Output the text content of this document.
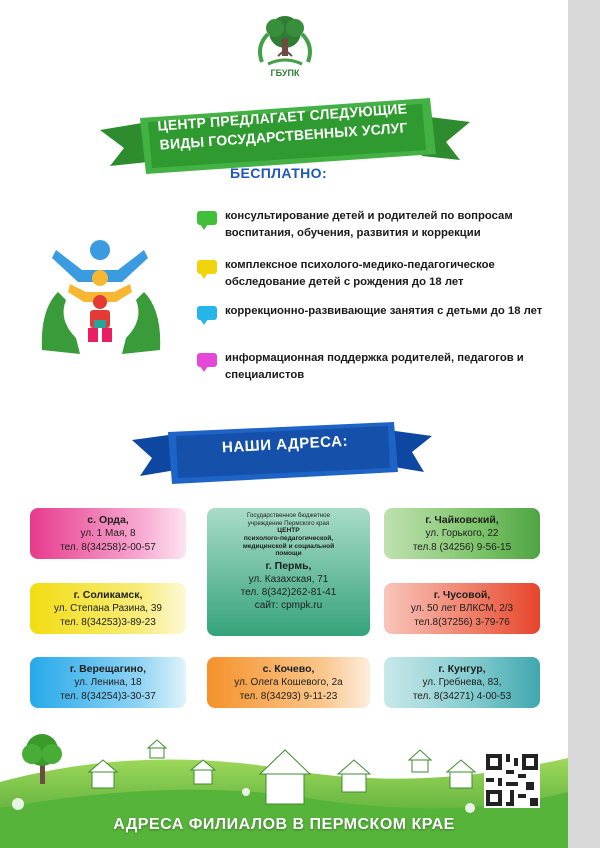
ГБУПК
ЦЕНТР ПРЕДЛАГАЕТ СЛЕДУЮЩИЕ ВИДЫ ГОСУДАРСТВЕННЫХ УСЛУГ
БЕСПЛАТНО:
консультирование детей и родителей по вопросам воспитания, обучения, развития и коррекции
комплексное психолого-медико-педагогическое обследование детей с рождения до 18 лет
коррекционно-развивающие занятия с детьми до 18 лет
информационная поддержка родителей, педагогов и специалистов
НАШИ АДРЕСА:
с. Орда,
ул. 1 Мая, 8
тел. 8(34258)2-00-57
г. Соликамск,
ул. Степана Разина, 39
тел. 8(34253)3-89-23
г. Верещагино,
ул. Ленина, 18
тел. 8(34254)3-30-37
Государственное бюджетное
учреждение Пермского края
ЦЕНТР
психолого-педагогической,
медицинской и социальной
помощи
г. Пермь,
ул. Казахская, 71
тел. 8(342)262-81-41
сайт: cpmpk.ru
с. Кочево,
ул. Олега Кошевого, 2а
тел. 8(34293) 9-11-23
г. Чайковский,
ул. Горького, 22
тел.8 (34256) 9-56-15
г. Чусовой,
ул. 50 лет ВЛКСМ, 2/3
тел.8(37256) 3-79-76
г. Кунгур,
ул. Гребнева, 83,
тел. 8(34271) 4-00-53
АДРЕСА ФИЛИАЛОВ В ПЕРМСКОМ КРАЕ
